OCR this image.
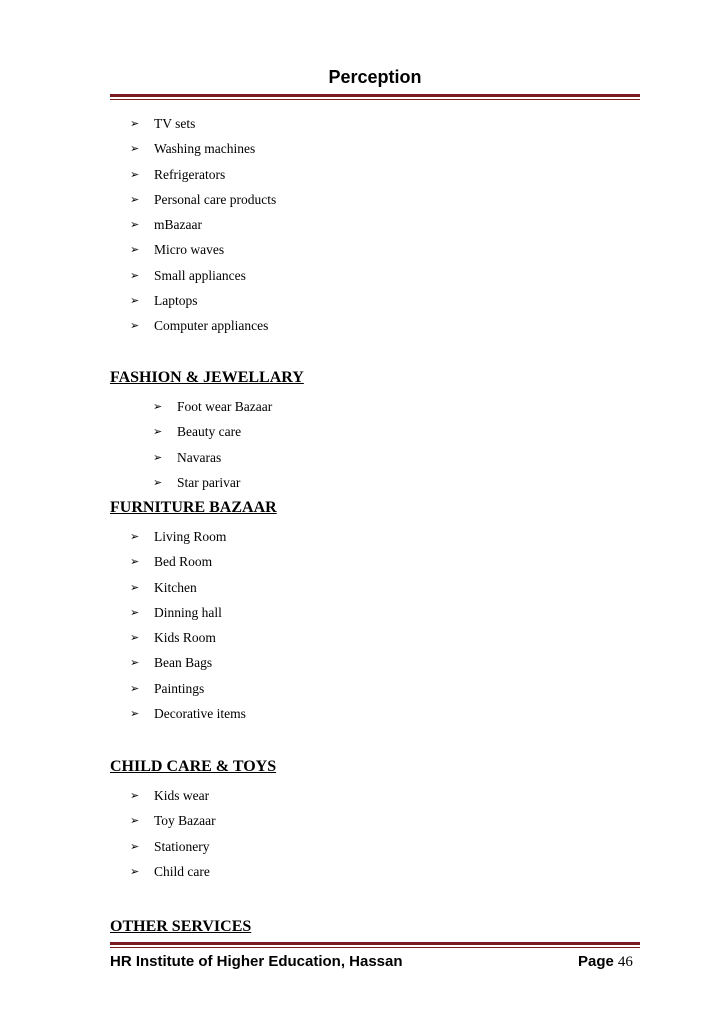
Perception
➢ TV sets
➢ Washing machines
➢ Refrigerators
➢ Personal care products
➢ mBazaar
➢ Micro waves
➢ Small appliances
➢ Laptops
➢ Computer appliances
FASHION & JEWELLARY
➢ Foot wear Bazaar
➢ Beauty care
➢ Navaras
➢ Star parivar
FURNITURE BAZAAR
➢ Living Room
➢ Bed Room
➢ Kitchen
➢ Dinning hall
➢ Kids Room
➢ Bean Bags
➢ Paintings
➢ Decorative items
CHILD CARE & TOYS
➢ Kids wear
➢ Toy Bazaar
➢ Stationery
➢ Child care
OTHER SERVICES
HR Institute of Higher Education, Hassan	Page 46
